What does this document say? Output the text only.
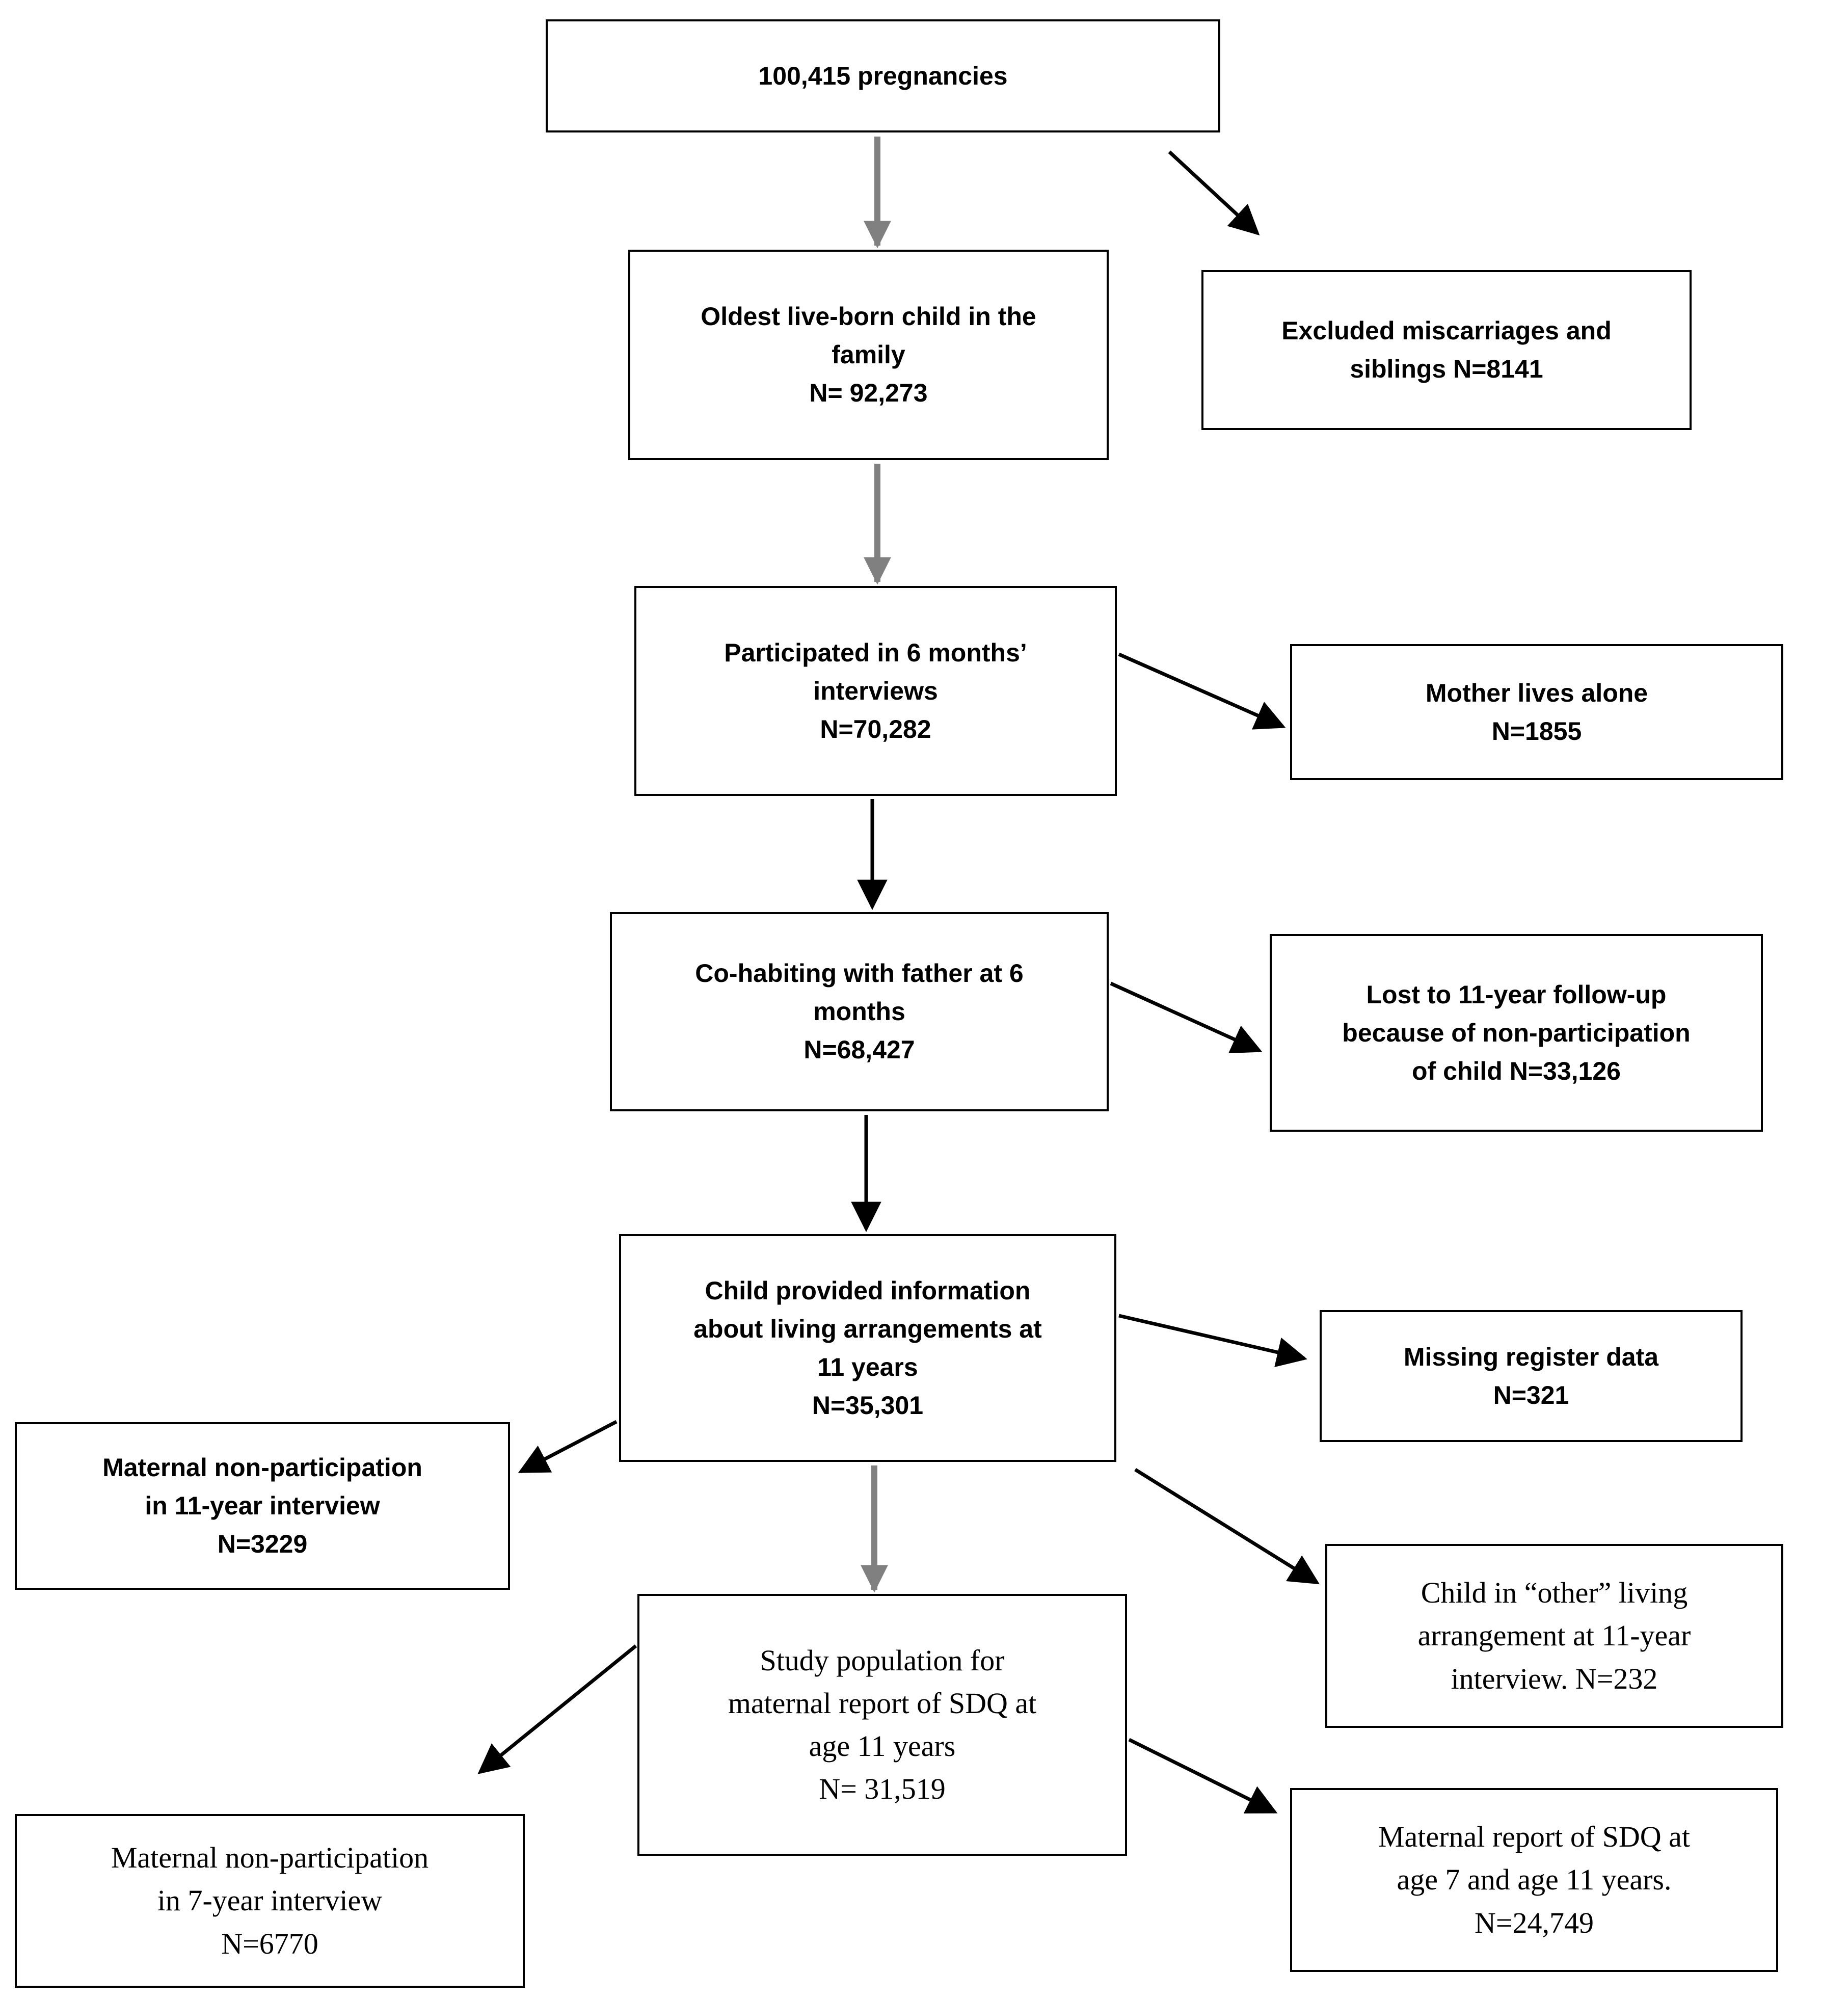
100,415 pregnancies
Oldest live-born child in the
family
N= 92,273
Excluded miscarriages and
siblings N=8141
Participated in 6 months’
interviews
N=70,282
Mother lives alone
N=1855
Co-habiting with father at 6
months
N=68,427
Lost to 11-year follow-up
because of non-participation
of child N=33,126
Child provided information
about living arrangements at
11 years
N=35,301
Missing register data
N=321
Maternal non-participation
in 11-year interview
N=3229
Child in “other” living
arrangement at 11-year
interview. N=232
Study population for
maternal report of SDQ at
age 11 years
N= 31,519
Maternal non-participation
in 7-year interview
N=6770
Maternal report of SDQ at
age 7 and age 11 years.
N=24,749
